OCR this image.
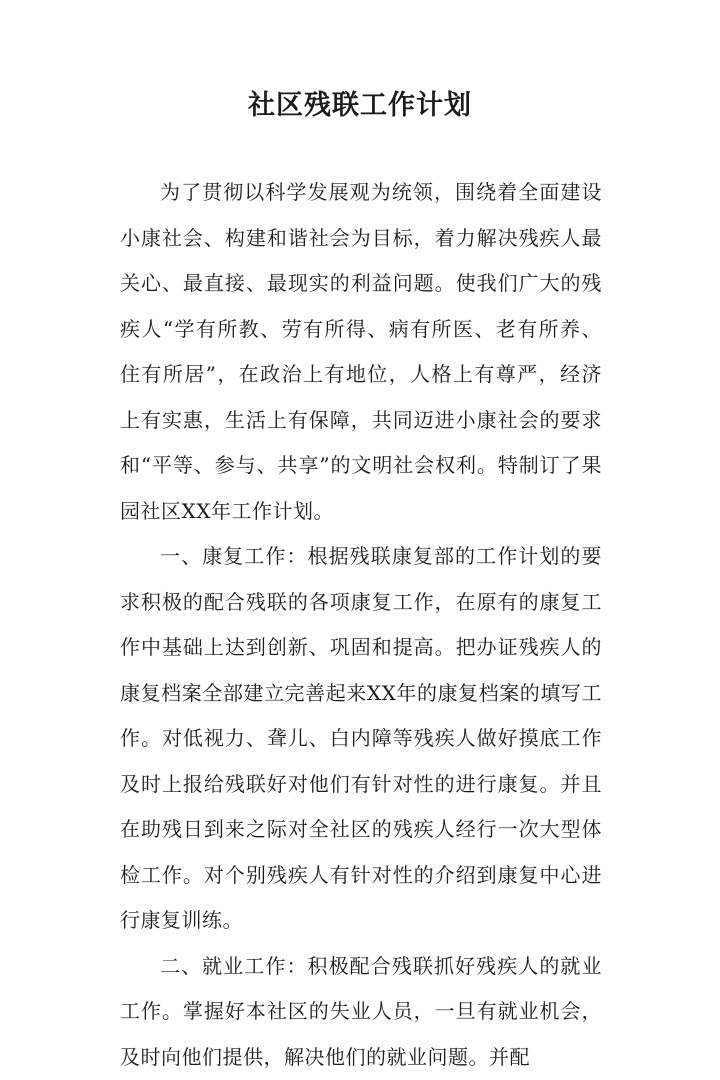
社区残联工作计划

为了贯彻以科学发展观为统领，围绕着全面建设小康社会、构建和谐社会为目标，着力解决残疾人最关心、最直接、最现实的利益问题。使我们广大的残疾人“学有所教、劳有所得、病有所医、老有所养、住有所居”，在政治上有地位，人格上有尊严，经济上有实惠，生活上有保障，共同迈进小康社会的要求和“平等、参与、共享”的文明社会权利。特制订了果园社区XX年工作计划。

一、康复工作：根据残联康复部的工作计划的要求积极的配合残联的各项康复工作，在原有的康复工作中基础上达到创新、巩固和提高。把办证残疾人的康复档案全部建立完善起来XX年的康复档案的填写工作。对低视力、聋儿、白内障等残疾人做好摸底工作及时上报给残联好对他们有针对性的进行康复。并且在助残日到来之际对全社区的残疾人经行一次大型体检工作。对个别残疾人有针对性的介绍到康复中心进行康复训练。

二、就业工作：积极配合残联抓好残疾人的就业工作。掌握好本社区的失业人员，一旦有就业机会，及时向他们提供，解决他们的就业问题。并配
